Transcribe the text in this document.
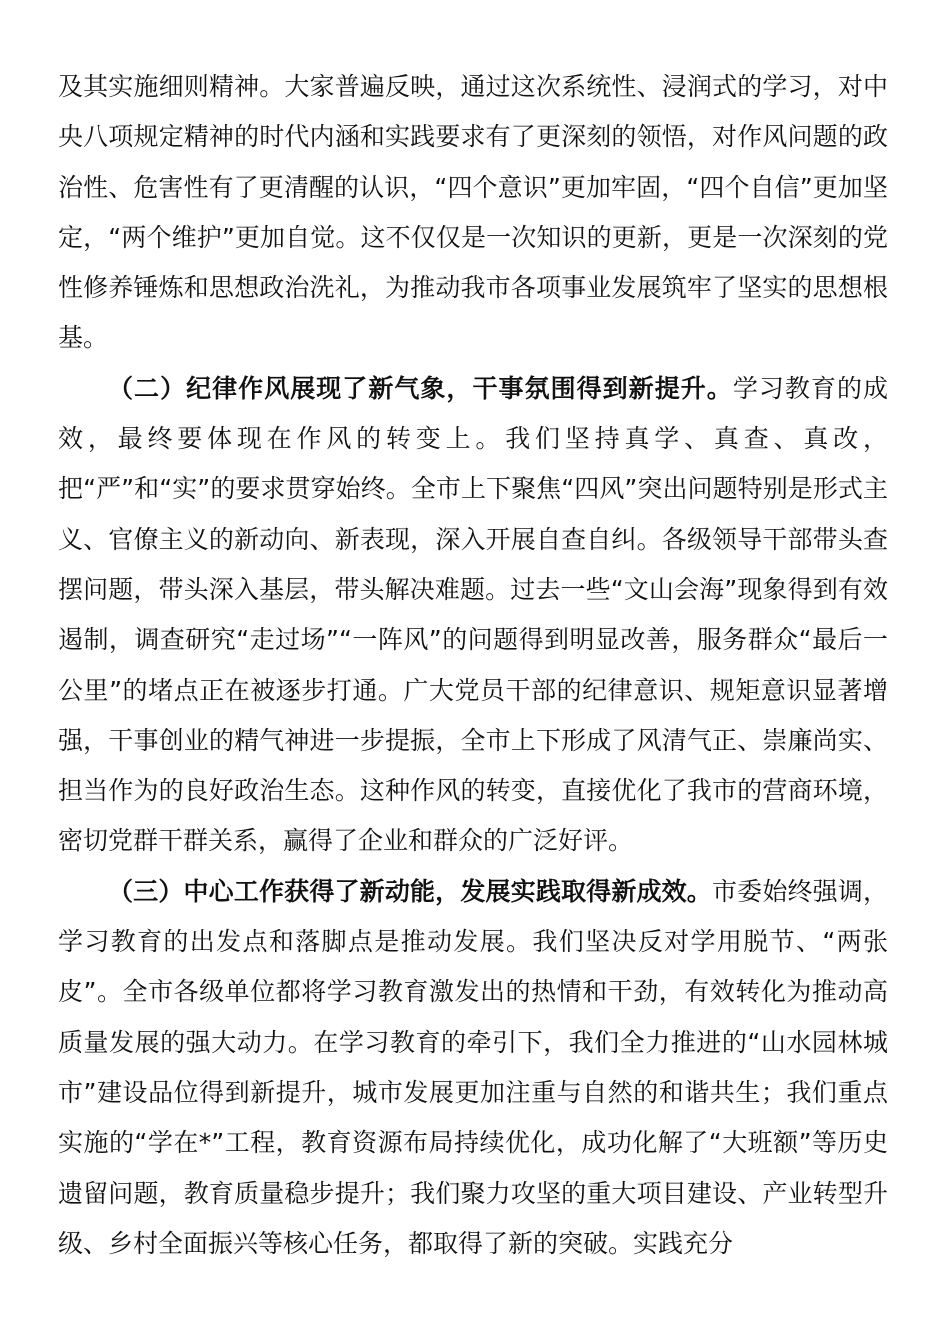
及其实施细则精神。大家普遍反映，通过这次系统性、浸润式的学习，对中央八项规定精神的时代内涵和实践要求有了更深刻的领悟，对作风问题的政治性、危害性有了更清醒的认识，“四个意识”更加牢固，“四个自信”更加坚定，“两个维护”更加自觉。这不仅仅是一次知识的更新，更是一次深刻的党性修养锤炼和思想政治洗礼，为推动我市各项事业发展筑牢了坚实的思想根基。

（二）纪律作风展现了新气象，干事氛围得到新提升。学习教育的成效，最终要体现在作风的转变上。我们坚持真学、真查、真改，把“严”和“实”的要求贯穿始终。全市上下聚焦“四风”突出问题特别是形式主义、官僚主义的新动向、新表现，深入开展自查自纠。各级领导干部带头查摆问题，带头深入基层，带头解决难题。过去一些“文山会海”现象得到有效遏制，调查研究“走过场”“一阵风”的问题得到明显改善，服务群众“最后一公里”的堵点正在被逐步打通。广大党员干部的纪律意识、规矩意识显著增强，干事创业的精气神进一步提振，全市上下形成了风清气正、崇廉尚实、担当作为的良好政治生态。这种作风的转变，直接优化了我市的营商环境，密切党群干群关系，赢得了企业和群众的广泛好评。

（三）中心工作获得了新动能，发展实践取得新成效。市委始终强调，学习教育的出发点和落脚点是推动发展。我们坚决反对学用脱节、“两张皮”。全市各级单位都将学习教育激发出的热情和干劲，有效转化为推动高质量发展的强大动力。在学习教育的牵引下，我们全力推进的“山水园林城市”建设品位得到新提升，城市发展更加注重与自然的和谐共生；我们重点实施的“学在*”工程，教育资源布局持续优化，成功化解了“大班额”等历史遗留问题，教育质量稳步提升；我们聚力攻坚的重大项目建设、产业转型升级、乡村全面振兴等核心任务，都取得了新的突破。实践充分
